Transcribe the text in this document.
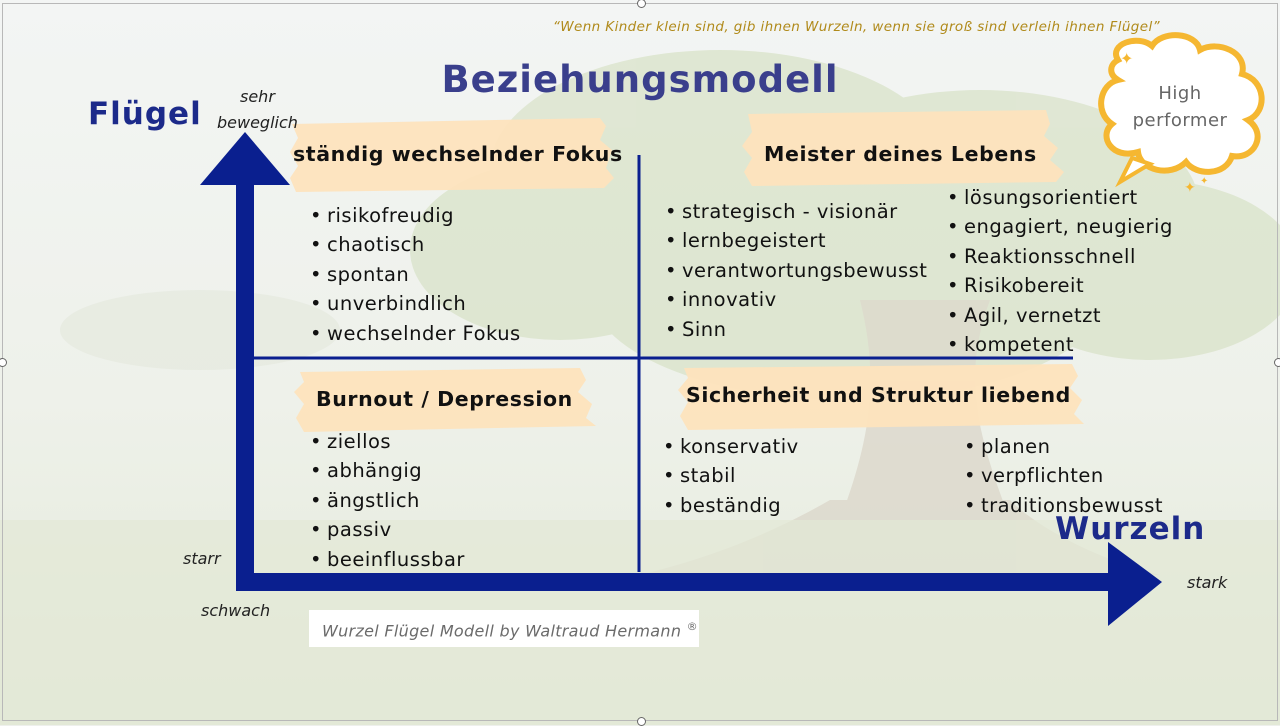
“Wenn Kinder klein sind, gib ihnen Wurzeln, wenn sie groß sind verleih ihnen Flügel”
Beziehungsmodell	✦
✦ ✦
High
performer
Flügel
Wurzeln
sehr
beweglich
starr
schwach
stark
ständig wechselnder Fokus
• risikofreudig
• chaotisch
• spontan
• unverbindlich
• wechselnder Fokus
Meister deines Lebens
• strategisch - visionär
• lernbegeistert
• verantwortungsbewusst
• innovativ
• Sinn
• lösungsorientiert
• engagiert, neugierig
• Reaktionsschnell
• Risikobereit
• Agil, vernetzt
• kompetent
Burnout / Depression
• ziellos
• abhängig
• ängstlich
• passiv
• beeinflussbar
Sicherheit und Struktur liebend
• konservativ
• stabil
• beständig
• planen
• verpflichten
• traditionsbewusst
Wurzel Flügel Modell by Waltraud Hermann ®
